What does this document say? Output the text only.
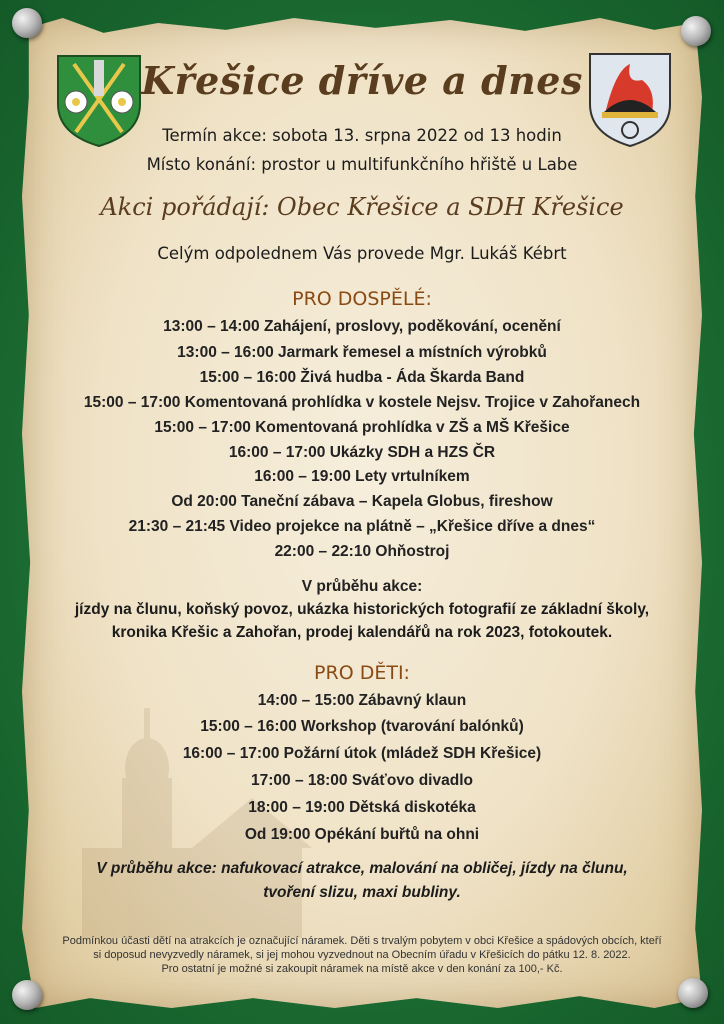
Křešice dříve a dnes
Termín akce: sobota 13. srpna 2022 od 13 hodin
Místo konání: prostor u multifunkčního hřiště u Labe
Akci pořádají: Obec Křešice a SDH Křešice
Celým odpolednem Vás provede Mgr. Lukáš Kébrt
PRO DOSPĚLÉ:
13:00 – 14:00 Zahájení, proslovy, poděkování, ocenění
13:00 – 16:00 Jarmark řemesel a místních výrobků
15:00 – 16:00 Živá hudba - Áda Škarda Band
15:00 – 17:00 Komentovaná prohlídka v kostele Nejsv. Trojice v Zahořanech
15:00 – 17:00 Komentovaná prohlídka v ZŠ a MŠ Křešice
16:00 – 17:00 Ukázky SDH a HZS ČR
16:00 – 19:00 Lety vrtulníkem
Od 20:00 Taneční zábava – Kapela Globus, fireshow
21:30 – 21:45 Video projekce na plátně – „Křešice dříve a dnes“
22:00 – 22:10 Ohňostroj
V průběhu akce:
jízdy na člunu, koňský povoz, ukázka historických fotografií ze základní školy,
kronika Křešic a Zahořan, prodej kalendářů na rok 2023, fotokoutek.
PRO DĚTI:
14:00 – 15:00 Zábavný klaun
15:00 – 16:00 Workshop (tvarování balónků)
16:00 – 17:00 Požární útok (mládež SDH Křešice)
17:00 – 18:00 Sváťovo divadlo
18:00 – 19:00 Dětská diskotéka
Od 19:00 Opékání buřtů na ohni
V průběhu akce: nafukovací atrakce, malování na obličej, jízdy na člunu,
tvoření slizu, maxi bubliny.
Podmínkou účasti dětí na atrakcích je označující náramek. Děti s trvalým pobytem v obci Křešice a spádových obcích, kteří
si doposud nevyzvedly náramek, si jej mohou vyzvednout na Obecním úřadu v Křešicích do pátku 12. 8. 2022.
Pro ostatní je možné si zakoupit náramek na místě akce v den konání za 100,- Kč.
